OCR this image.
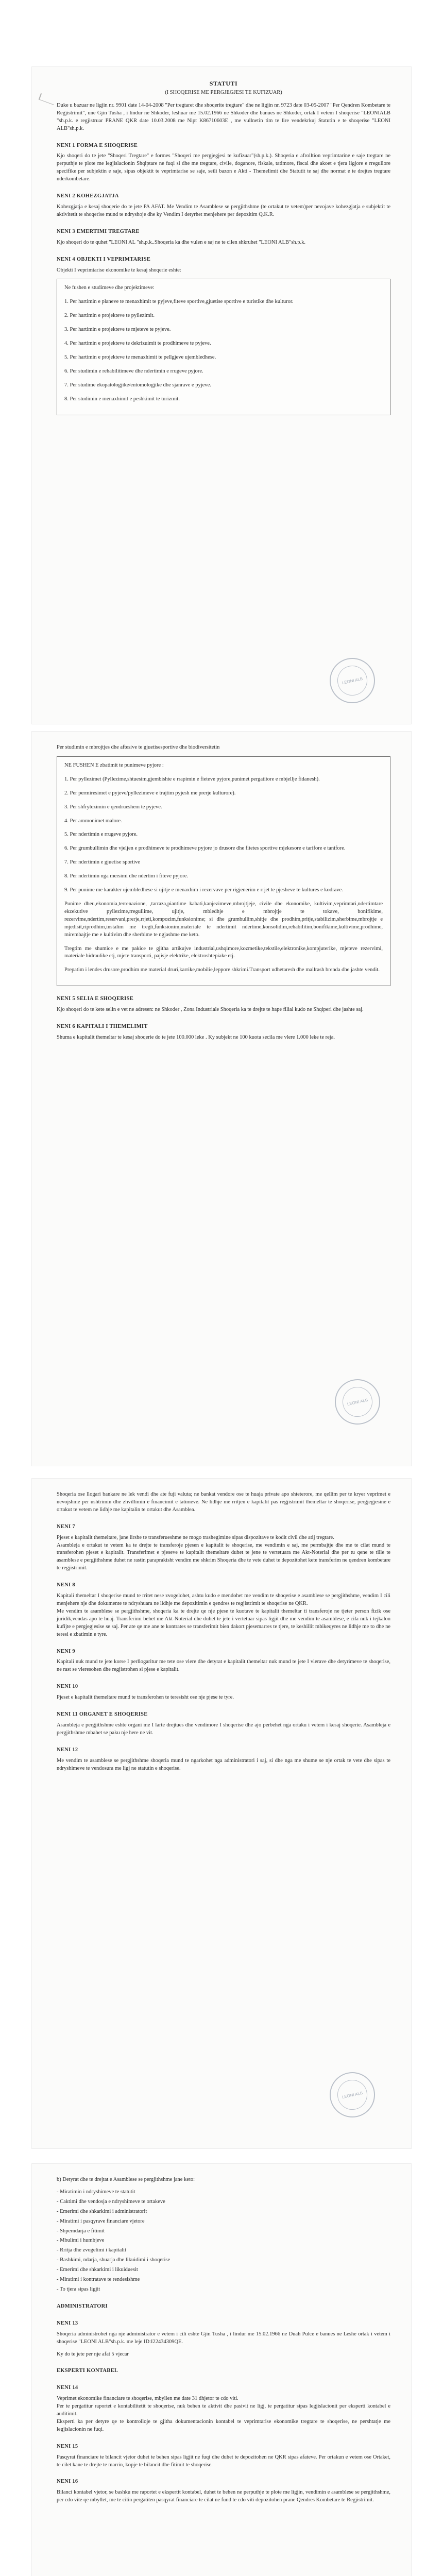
STATUTI
(I SHOQERISE ME PERGJEGJESI TE KUFIZUAR)

Duke u bazuar ne ligjin nr. 9901 date 14-04-2008 "Per tregtaret dhe shoqerite tregtare" dhe ne ligjin nr. 9723 date 03-05-2007 "Per Qendren Kombetare te Regjistrimit", une Gjin Tusha , i lindur ne Shkoder, leshuar me 15.02.1966 ne Shkoder dhe banues ne Shkoder, ortak I vetem I shoqerise "LEONIALB "sh.p.k. e regjistruar PRANE QKR date 10.03.2008 me Nipt K86710603E , me vullnetin tim te lire vendekrkuj Statutin e te shoqerise "LEONI ALB"sh.p.k.

NENI 1 FORMA E SHOQERISE

Kjo shoqeri do te jete "Shoqeri Tregtare" e formes "Shoqeri me pergjegjesi te kufizuar"(sh.p.k.). Shoqeria e afrolltion veprimtarine e saje tregtare ne perputhje te plote me legjislacionin Shqiptare ne fuqi si dhe me tregtare, civile, doganore, fiskale, tatimore, fiscal dhe akoet e tjera ligjore e rregullore specifike per subjektin e saje, sipas objektit te veprimtarise se saje, seili bazon e Akti - Themelimit dhe Statutit te saj dhe normat e te drejtes tregtare nderkombetare.

NENI 2 KOHEZGJATJA

Kohezgjatja e kesaj shoqerie do te jete PA AFAT. Me Vendim te Asamblese se pergjithshme (te ortakut te vetem)per nevojave kohezgjatja e subjektit te aktivitetit te shoqerise mund te ndryshoje dhe ky Vendim I detyrhet menjehere per depozitim Q.K.R.

NENI 3 EMERTIMI TREGTARE

Kjo shoqeri do te quhet "LEONI AL "sh.p.k..Shoqeria ka dhe vulen e saj ne te cilen shkruhet "LEONI ALB"sh.p.k.

NENI 4 OBJEKTI I VEPRIMTARISE

Objekti I veprimtarise ekonomike te kesaj shoqerie eshte:

Ne fushen e studimeve dhe projektimeve:

1. Per hartimin e planeve te menaxhimit te pyjeve,fiteve sportive,gjuetise sportive e turistike dhe kulturor.

2. Per hartimin e projekteve te pyllezimit.

3. Per hartimin e projekteve te mjeteve te pyjeve.

4. Per hartimin e projekteve te dekrizuimit te prodhimeve te pyjeve.

5. Per hartimin e projekteve te menaxhimit te pellgjeve ujembledhese.

6. Per studimin e rehabilitimeve dhe ndertimin e rrugeve pyjore.

7. Per studime ekopatologjike/entomologjike dhe sjanrave e pyjeve.

8. Per studimin e menaxhimit e peshkimit te turizmit.

LEONI ALB

Per studimin e mbrojtjes dhe aftesive te gjuetisesportive dhe biodiversitetin

NE FUSHEN E zbatimit te punimeve pyjore :

1. Per pyllezimet (Pyllezime,shtuesim,gjembishte e rrapimin e fieteve pyjore,punimet pergatitore e mbjellje fidanesh).

2. Per permiresimet e pyjeve/pyllezimeve e trajtim pyjesh me prerje kulturore).

3. Per shfrytezimin e qendrueshem te pyjeve.

4. Per ammonimet malore.

5. Per ndertimin e rrugeve pyjore.

6. Per grumbullimin dhe vjeljen e prodhimeve te prodhimeve pyjore jo drusore dhe fitetes sportive mjekesore e tarifore e tanifore.

7. Per ndertimin e gjuetise sportive

8. Per ndertimin nga mersimi dhe ndertim i fiteve pyjore.

9. Per punime me karakter ujembledhese si ujitje e menaxhim i rezervave per rigjenerim e rrjet te pjesheve te kultures e kodrave.

Punime dheu,ekonomia,terrenazione, ,tarraza,piantime kabati,kanjezimeve,mbrojtjeje, civile dhe ekonomike, kultivim,veprimtari,ndertimtare ekzekutive pyllezime,rregullime, ujitje, mbledhje e mbrojtje te tokave, bonifikime, rezervime,ndertim,reservani,prerje,rrjeti,kompozim,funksionime; si dhe grumbullim,shitje dhe prodhim,pritje,stabilizim,sherbime,mbrojtje e mjedisit,riprodhim,instalim me tregti,funksionim,materiale te ndertimit ndertime,konsolidim,rehabilitim,bonifikime,kultivime,prodhime, mirembajtje me e kultivim dhe sherbime te ngjashme me keto.

Tregtim me shumice e me pakice te gjitha artikujve industrial,ushqimore,kozmetike,tekstile,elektronike,kompjuterike, mjeteve rezervimi, materiale hidraulike etj, mjete transporti, pajisje elektrike, elektroshtepiake etj.

Prepatim i lendes drusore,prodhim me material druri,karrike,mobilie,leppore shkrimi.Transport udhetaresh dhe mallrash brenda dhe jashte vendit.

NENI 5 SELIA E SHOQERISE

Kjo shoqeri do te kete selin e vet ne adresen: ne Shkoder , Zona Industriale Shoqeria ka te drejte te hape filial kudo ne Shqiperi dhe jashte saj.

NENI 6 KAPITALI I THEMELIMIT

Shuma e kapitalit themeltar te kesaj shoqerie do te jete 100.000 leke . Ky subjekt ne 100 kuota secila me vlere 1.000 leke te reja.

LEONI ALB

Shoqeria ose llogari bankare ne lek vendi dhe ate fuji valuta; ne bankat vendore ose te huaja private apo shteterore, me qellim per te kryer veprimet e nevojshme per ushtrimin dhe zhvillimin e financimit e tatimeve. Ne lidhje me rritjen e kapitalit pas regjistrimit themeltar te shoqerise, pergjegjesine e ortakut te vetem ne lidhje me kapitalin te ortakut dhe Asamblea.

NENI 7

Pjeset e kapitalit themeltare, jane lirshe te transferueshme ne mogo trashegimine sipas dispozitave te kodit civil dhe atij tregtare.
Asambleja e ortakut te vetem ka te drejte te transferoje pjesen e kapitalit te shoqerise, me vendimin e saj, me permbajtje dhe me te cilat mund te transferohen pjeset e kapitalit. Transferimet e pjeseve te kapitalit themeltare duhet te jene te vertetuara me Akt-Noterial dhe per tu qene te tille te asamblese e pergjithshme duhet ne rastin paraprakisht vendim me shkrim Shoqeria dhe te vete duhet te depozitohet kete transferim ne qendren kombetare te regjistrimit.

NENI 8

Kapitali themeltar I shoqerise mund te rritet nese zvogelohet, ashtu kudo e mendohet me vendim te shoqerise e asamblese se pergjithshme, vendim I cili menjehere nje dhe dokumente te ndryshuara ne lidhje me depozitimin e qendres te regjistrimit te shoqerise ne QKR.
Me vendim te asamblese se pergjithshme, shoqeria ka te drejte qe nje pjese te kuotave te kapitalit themeltar ti transferoje ne tjeter person fizik ose juridik,vendas apo te huaj. Transferimi behet me Akt-Noterial dhe duhet te jete i vertetuar sipas ligjit dhe me vendim te asamblese, e cila nuk i tejkalon kufijte e pergjegjesise se saj. Per ate qe me ane te kontrates se transferimit bien dakort pjesemarres te tjere, te keshillit mbikeqyres ne lidhje me to dhe ne teresi e zbatimin e tyre.

NENI 9

Kapitali nuk mund te jete korse I perllogaritur me tete ose vlere dhe detyrat e kapitalit themeltar nuk mund te jete I vlerave dhe detyrimeve te shoqerise, ne rast se vleresohen dhe regjistrohen si pjese e kapitalit.

NENI 10

Pjeset e kapitalit themeltare mund te transferohen te teresisht ose nje pjese te tyre.

NENI 11 ORGANET E SHOQERISE

Asambleja e pergjithshme eshte organi me I larte drejtues dhe vendimore I shoqerise dhe ajo perbehet nga ortaku i vetem i kesaj shoqerie. Asambleja e pergjithshme mbahet se paku nje here ne vit.

NENI 12

Me vendim te asamblese se pergjithshme shoqeria mund te ngarkohet nga administratori i saj, si dhe nga me shume se nje ortak te vete dhe sipas te ndryshimeve te vendosura me ligj ne statutin e shoqerise.

LEONI ALB

b) Detyrat dhe te drejtat e Asamblese se pergjithshme jane keto:

- Miratimin i ndryshimeve te statutit
- Caktimi dhe vendosja e ndryshimeve te ortakeve
- Emerimi dhe shkarkimi i administratorit
- Miratimi i pasqyrave financiare vjetore
- Shperndarja e fitimit
- Mbulimi i humbjeve
- Rritja dhe zvogelimi i kapitalit
- Bashkimi, ndarja, shuarja dhe likuidimi i shoqerise
- Emerimi dhe shkarkimi i likuiduesit
- Miratimi i kontratave te rendesishme
- To tjera sipas ligjit
ADMINISTRATORI
NENI 13

Shoqeria administrohet nga nje administrator e vetem i cili eshte Gjin Tusha , i lindur me 15.02.1966 ne Duah Pulce e banues ne Leshe ortak i vetem i shoqerise "LEONI ALB"sh.p.k. me leje ID:I22434309QE.

Ky do te jete per nje afat 5 vjecar

EKSPERTI KONTABEL
NENI 14

Veprimet ekonomike financiare te shoqerise, mbyllen me date 31 dhjetor te cdo viti.
Per te pergatitur raportet e kontabilitetit te shoqerise, nuk behen te aktivit dhe pasivit ne ligj, te pergatitur sipas legjislacionit per eksperti kontabel e auditimit.
Eksperti ka per detyre qe te kontrolloje te gjitha dokumentacionin kontabel te veprimtarise ekonomike tregtare te shoqerise, ne pershtatje me legjislacionin ne fuqi.

NENI 15

Pasqyrat financiare te bilancit vjetor duhet te behen sipas ligjit ne fuqi dhe duhet te depozitohen ne QKR sipas afateve. Per ortakun e vetem ose Ortaket, te cilet kane te drejte te marrin, kopje te bilancit dhe fitimit te shoqerise.

NENI 16

Bilanci kontabel vjetor, se bashku me raportet e ekspertit kontabel, duhet te behen ne perputhje te plote me ligjin, vendimin e asamblese se pergjithshme, per cdo vite qe mbyllet, me te cilin pergatiten pasqyrat financiare te cilat ne fund te cdo viti depozitohen prane Qendres Kombetare te Regjistrimit.
